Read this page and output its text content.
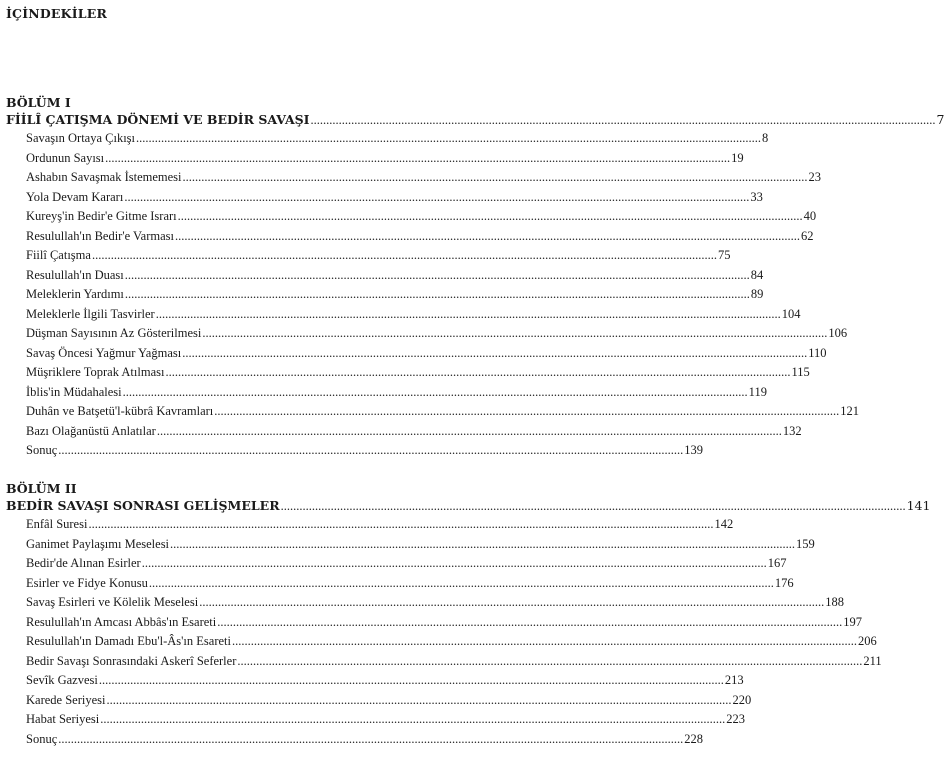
İÇİNDEKİLER
BÖLÜM I
FİİLÎ ÇATIŞMA DÖNEMİ VE BEDİR SAVAŞI ........................................................................................................................................................................................................ 7
Savaşın Ortaya Çıkışı ........................................................................................................................................................................................................ 8
Ordunun Sayısı ........................................................................................................................................................................................................ 19
Ashabın Savaşmak İstememesi ........................................................................................................................................................................................................ 23
Yola Devam Kararı ........................................................................................................................................................................................................ 33
Kureyş'in Bedir'e Gitme Israrı ........................................................................................................................................................................................................ 40
Resulullah'ın Bedir'e Varması ........................................................................................................................................................................................................ 62
Fiilî Çatışma ........................................................................................................................................................................................................ 75
Resulullah'ın Duası ........................................................................................................................................................................................................ 84
Meleklerin Yardımı ........................................................................................................................................................................................................ 89
Meleklerle İlgili Tasvirler ........................................................................................................................................................................................................ 104
Düşman Sayısının Az Gösterilmesi ........................................................................................................................................................................................................ 106
Savaş Öncesi Yağmur Yağması ........................................................................................................................................................................................................ 110
Müşriklere Toprak Atılması ........................................................................................................................................................................................................ 115
İblis'in Müdahalesi ........................................................................................................................................................................................................ 119
Duhân ve Batşetü'l-kübrâ Kavramları ........................................................................................................................................................................................................ 121
Bazı Olağanüstü Anlatılar ........................................................................................................................................................................................................ 132
Sonuç ........................................................................................................................................................................................................ 139
BÖLÜM II
BEDİR SAVAŞI SONRASI GELİŞMELER ........................................................................................................................................................................................................ 141
Enfâl Suresi ........................................................................................................................................................................................................ 142
Ganimet Paylaşımı Meselesi ........................................................................................................................................................................................................ 159
Bedir'de Alınan Esirler ........................................................................................................................................................................................................ 167
Esirler ve Fidye Konusu ........................................................................................................................................................................................................ 176
Savaş Esirleri ve Kölelik Meselesi ........................................................................................................................................................................................................ 188
Resulullah'ın Amcası Abbâs'ın Esareti ........................................................................................................................................................................................................ 197
Resulullah'ın Damadı Ebu'l-Âs'ın Esareti ........................................................................................................................................................................................................ 206
Bedir Savaşı Sonrasındaki Askerî Seferler ........................................................................................................................................................................................................ 211
Sevîk Gazvesi ........................................................................................................................................................................................................ 213
Karede Seriyesi ........................................................................................................................................................................................................ 220
Habat Seriyesi ........................................................................................................................................................................................................ 223
Sonuç ........................................................................................................................................................................................................ 228
